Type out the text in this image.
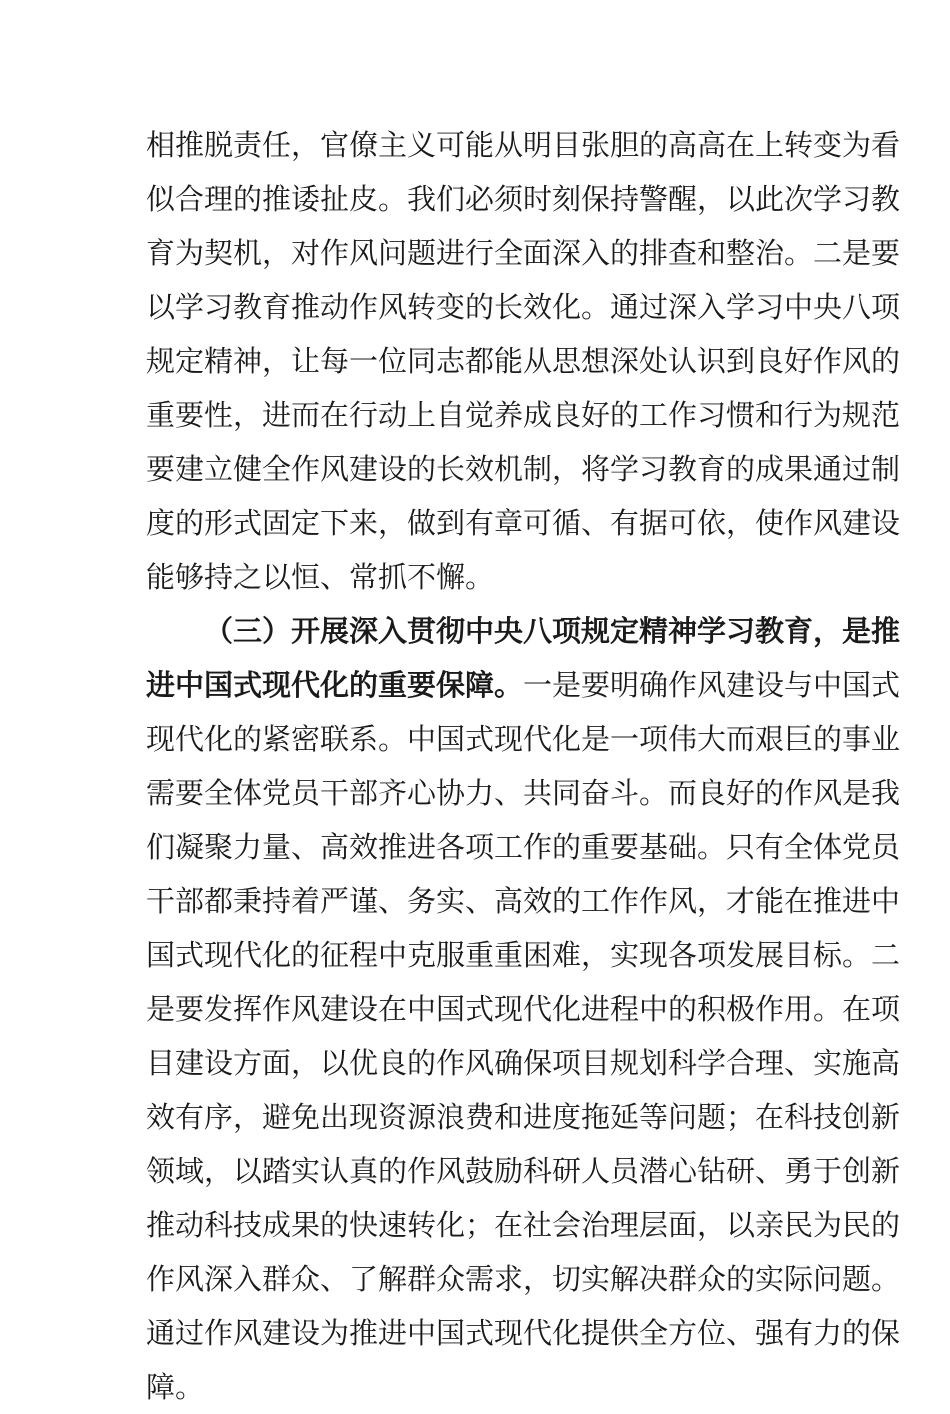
相推脱责任，官僚主义可能从明目张胆的高高在上转变为看
似合理的推诿扯皮。我们必须时刻保持警醒，以此次学习教
育为契机，对作风问题进行全面深入的排查和整治。二是要
以学习教育推动作风转变的长效化。通过深入学习中央八项
规定精神，让每一位同志都能从思想深处认识到良好作风的
重要性，进而在行动上自觉养成良好的工作习惯和行为规范
要建立健全作风建设的长效机制，将学习教育的成果通过制
度的形式固定下来，做到有章可循、有据可依，使作风建设
能够持之以恒、常抓不懈。
（三）开展深入贯彻中央八项规定精神学习教育，是推
进中国式现代化的重要保障。一是要明确作风建设与中国式
现代化的紧密联系。中国式现代化是一项伟大而艰巨的事业
需要全体党员干部齐心协力、共同奋斗。而良好的作风是我
们凝聚力量、高效推进各项工作的重要基础。只有全体党员
干部都秉持着严谨、务实、高效的工作作风，才能在推进中
国式现代化的征程中克服重重困难，实现各项发展目标。二
是要发挥作风建设在中国式现代化进程中的积极作用。在项
目建设方面，以优良的作风确保项目规划科学合理、实施高
效有序，避免出现资源浪费和进度拖延等问题；在科技创新
领域，以踏实认真的作风鼓励科研人员潜心钻研、勇于创新
推动科技成果的快速转化；在社会治理层面，以亲民为民的
作风深入群众、了解群众需求，切实解决群众的实际问题。
通过作风建设为推进中国式现代化提供全方位、强有力的保
障。
